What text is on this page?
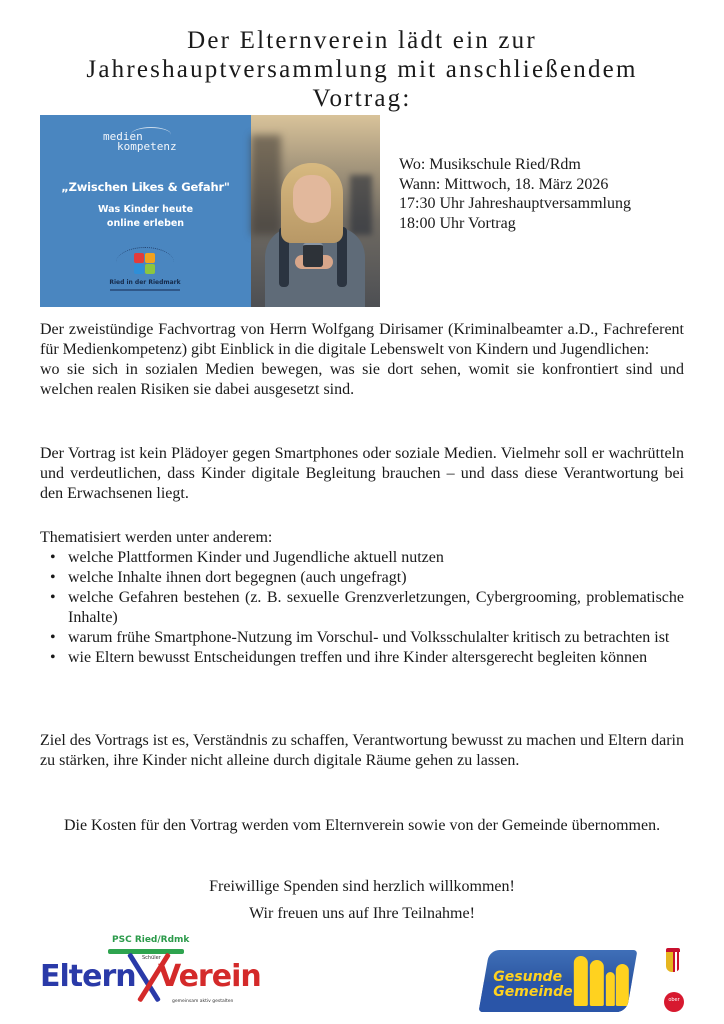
Der Elternverein lädt ein zur
Jahreshauptversammlung mit anschließendem
Vortrag:
medien
kompetenz
„Zwischen Likes & Gefahr"
Was Kinder heute
online erleben
Ried in der Riedmark
Wo: Musikschule Ried/Rdm
Wann: Mittwoch, 18. März 2026
17:30 Uhr Jahreshauptversammlung
18:00 Uhr Vortrag

Der zweistündige Fachvortrag von Herrn Wolfgang Dirisamer (Kriminalbeamter a.D., Fachreferent für Medienkompetenz) gibt Einblick in die digitale Lebenswelt von Kindern und Jugendlichen:

wo sie sich in sozialen Medien bewegen, was sie dort sehen, womit sie konfrontiert sind und welchen realen Risiken sie dabei ausgesetzt sind.

Der Vortrag ist kein Plädoyer gegen Smartphones oder soziale Medien. Vielmehr soll er wachrütteln und verdeutlichen, dass Kinder digitale Begleitung brauchen – und dass diese Verantwortung bei den Erwachsenen liegt.

Thematisiert werden unter anderem:

• welche Plattformen Kinder und Jugendliche aktuell nutzen
• welche Inhalte ihnen dort begegnen (auch ungefragt)
• welche Gefahren bestehen (z. B. sexuelle Grenzverletzungen, Cybergrooming, problematische Inhalte)
• warum frühe Smartphone-Nutzung im Vorschul- und Volksschulalter kritisch zu betrachten ist
• wie Eltern bewusst Entscheidungen treffen und ihre Kinder altersgerecht begleiten können

Ziel des Vortrags ist es, Verständnis zu schaffen, Verantwortung bewusst zu machen und Eltern darin zu stärken, ihre Kinder nicht alleine durch digitale Räume gehen zu lassen.

Die Kosten für den Vortrag werden vom Elternverein sowie von der Gemeinde übernommen.
Freiwillige Spenden sind herzlich willkommen!
Wir freuen uns auf Ihre Teilnahme!
PSC Ried/Rdmk
Schüler
Eltern Verein
gemeinsam aktiv gestalten
Gesunde
Gemeinde	ober
